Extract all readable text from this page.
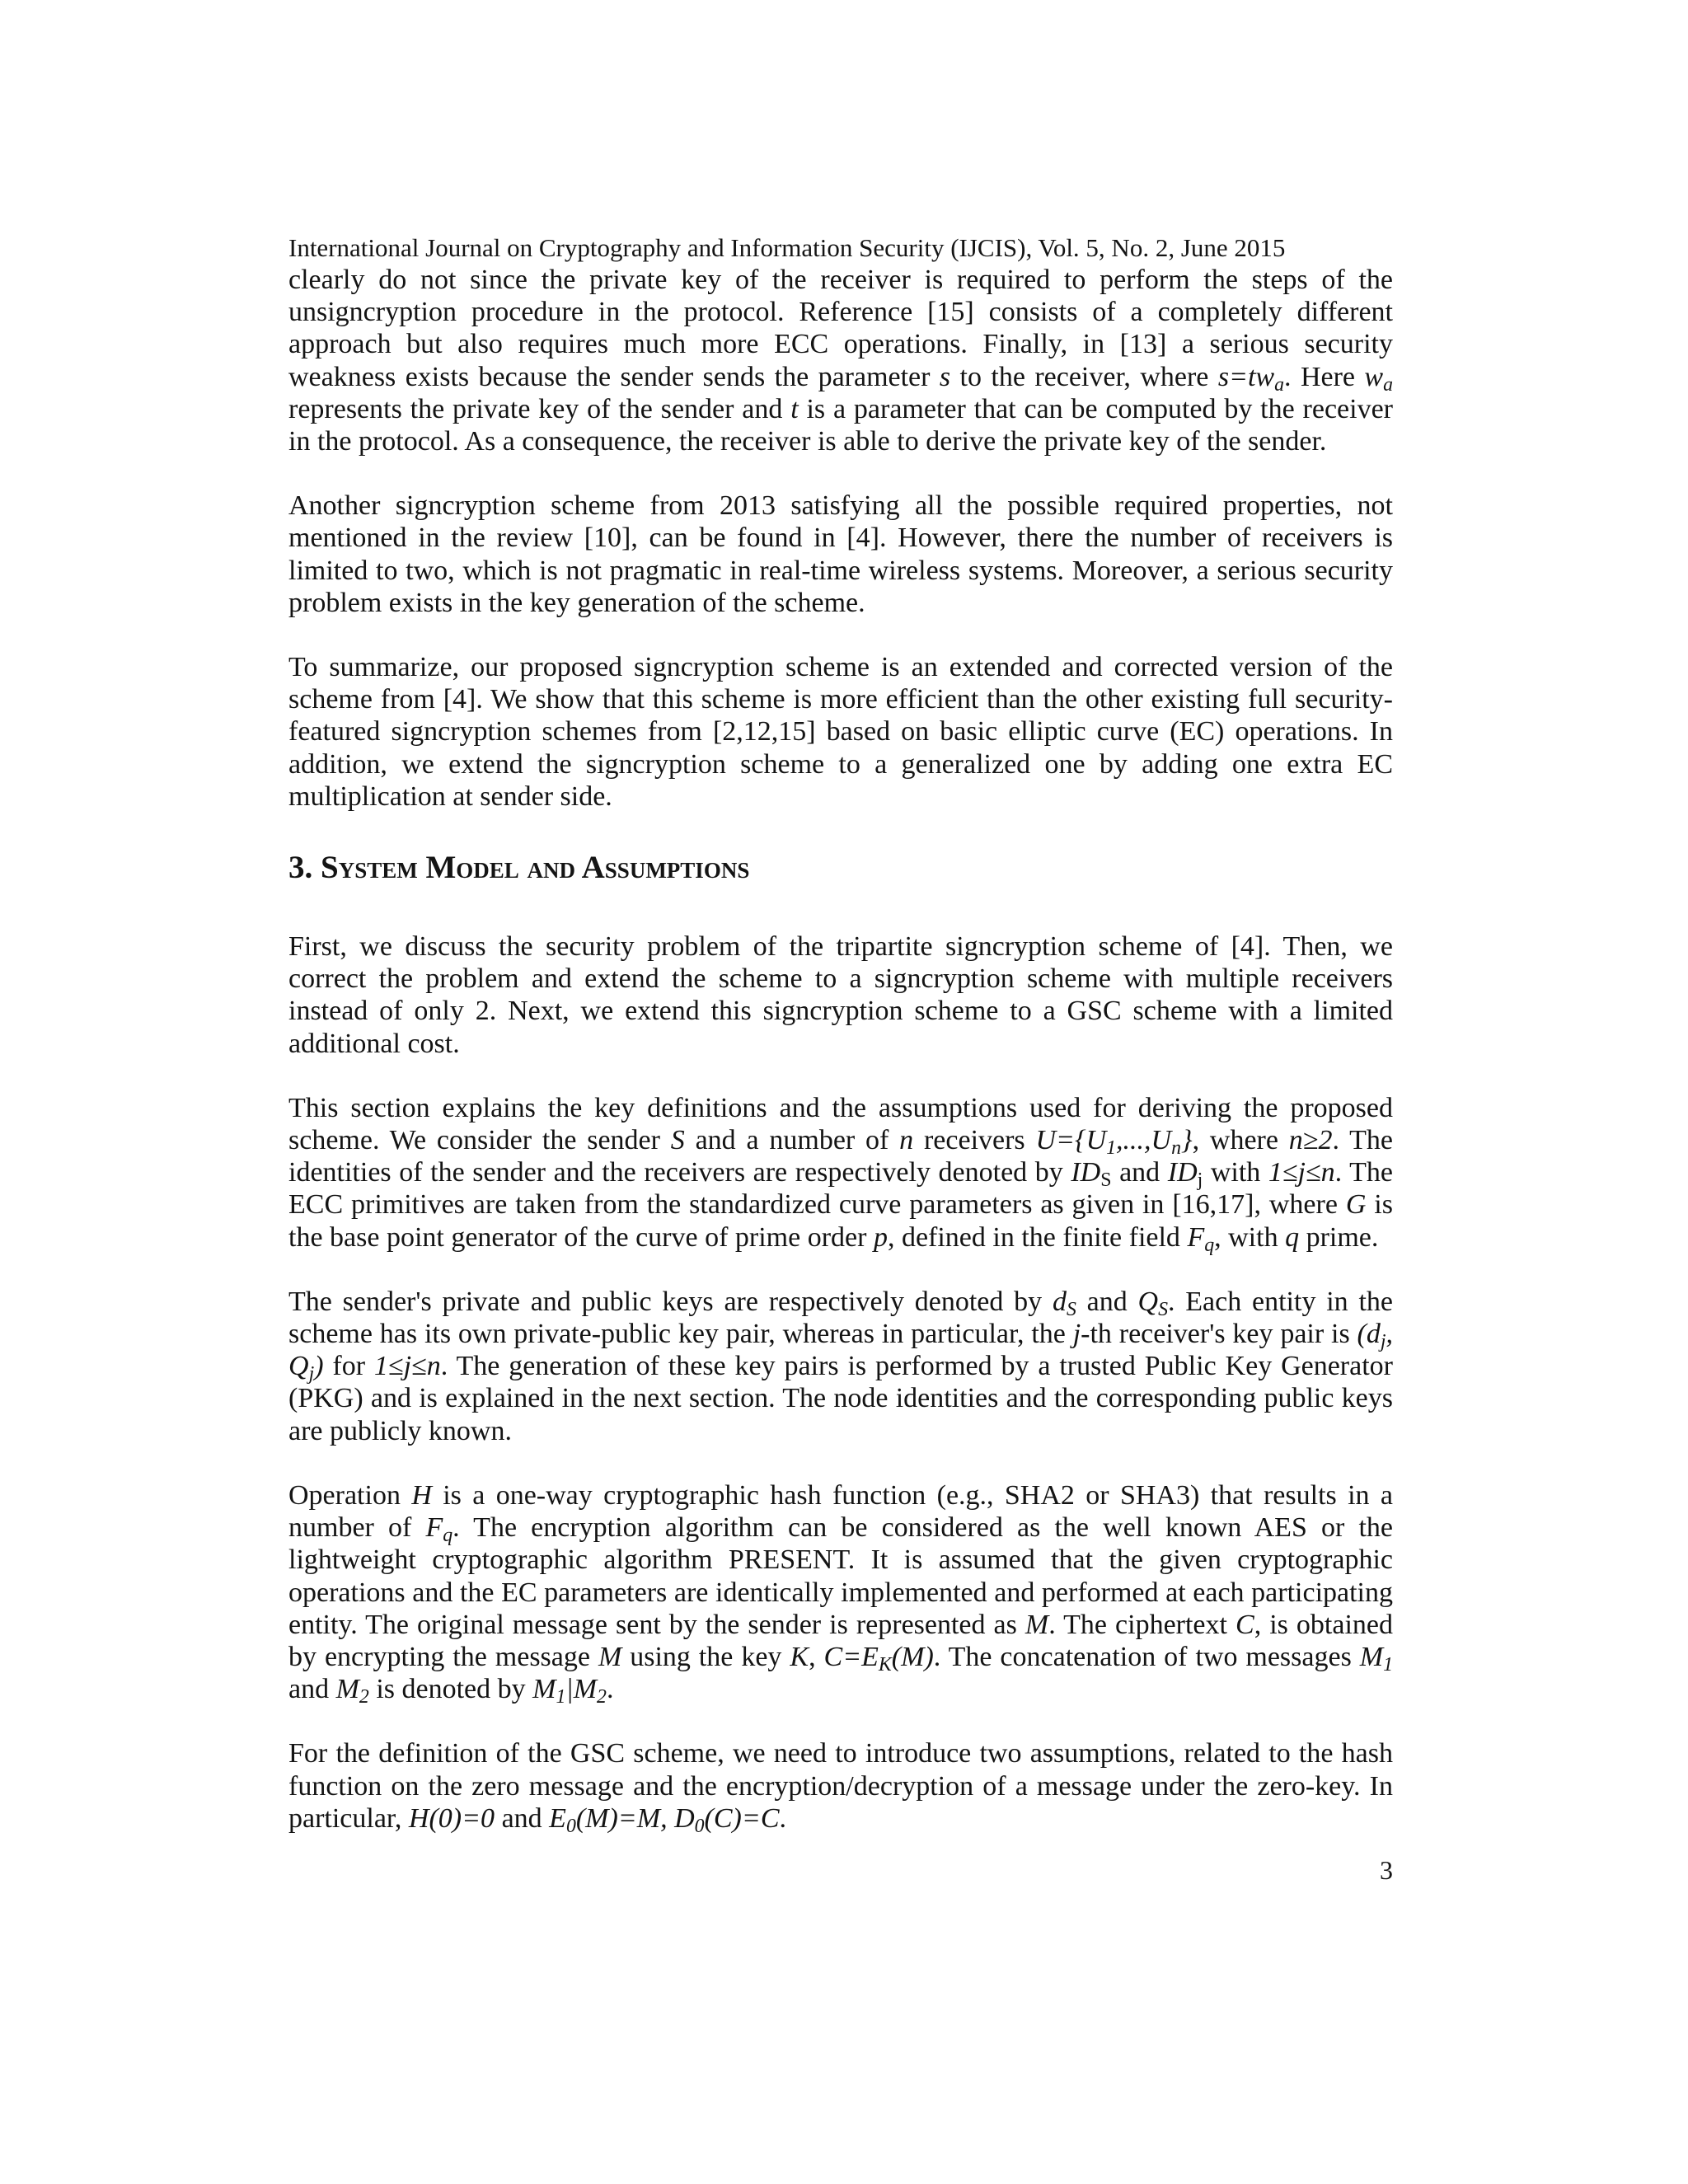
International Journal on Cryptography and Information Security (IJCIS), Vol. 5, No. 2, June 2015

clearly do not since the private key of the receiver is required to perform the steps of the unsigncryption procedure in the protocol. Reference [15] consists of a completely different approach but also requires much more ECC operations. Finally, in [13] a serious security weakness exists because the sender sends the parameter s to the receiver, where $s=tw_a$. Here $w_a$ represents the private key of the sender and t is a parameter that can be computed by the receiver in the protocol. As a consequence, the receiver is able to derive the private key of the sender.

Another signcryption scheme from 2013 satisfying all the possible required properties, not mentioned in the review [10], can be found in [4]. However, there the number of receivers is limited to two, which is not pragmatic in real-time wireless systems. Moreover, a serious security problem exists in the key generation of the scheme.

To summarize, our proposed signcryption scheme is an extended and corrected version of the scheme from [4]. We show that this scheme is more efficient than the other existing full security-featured signcryption schemes from [2,12,15] based on basic elliptic curve (EC) operations. In addition, we extend the signcryption scheme to a generalized one by adding one extra EC multiplication at sender side.

3. System Model and Assumptions

First, we discuss the security problem of the tripartite signcryption scheme of [4]. Then, we correct the problem and extend the scheme to a signcryption scheme with multiple receivers instead of only 2. Next, we extend this signcryption scheme to a GSC scheme with a limited additional cost.

This section explains the key definitions and the assumptions used for deriving the proposed scheme. We consider the sender S and a number of n receivers $U=\{U_1,...,U_n\}$, where n≥2. The identities of the sender and the receivers are respectively denoted by $ID_S$ and $ID_j$ with 1≤j≤n. The ECC primitives are taken from the standardized curve parameters as given in [16,17], where G is the base point generator of the curve of prime order p, defined in the finite field $F_q$, with q prime.

The sender's private and public keys are respectively denoted by $d_S$ and $Q_S$. Each entity in the scheme has its own private-public key pair, whereas in particular, the j-th receiver's key pair is ($d_j$, $Q_j$) for 1≤j≤n. The generation of these key pairs is performed by a trusted Public Key Generator (PKG) and is explained in the next section. The node identities and the corresponding public keys are publicly known.

Operation H is a one-way cryptographic hash function (e.g., SHA2 or SHA3) that results in a number of $F_q$. The encryption algorithm can be considered as the well known AES or the lightweight cryptographic algorithm PRESENT. It is assumed that the given cryptographic operations and the EC parameters are identically implemented and performed at each participating entity. The original message sent by the sender is represented as M. The ciphertext C, is obtained by encrypting the message M using the key K, $C=E_K(M)$. The concatenation of two messages $M_1$ and $M_2$ is denoted by $M_1|M_2$.

For the definition of the GSC scheme, we need to introduce two assumptions, related to the hash function on the zero message and the encryption/decryption of a message under the zero-key. In particular, H(0)=0 and $E_0(M)=M$, $D_0(C)=C$.

3
